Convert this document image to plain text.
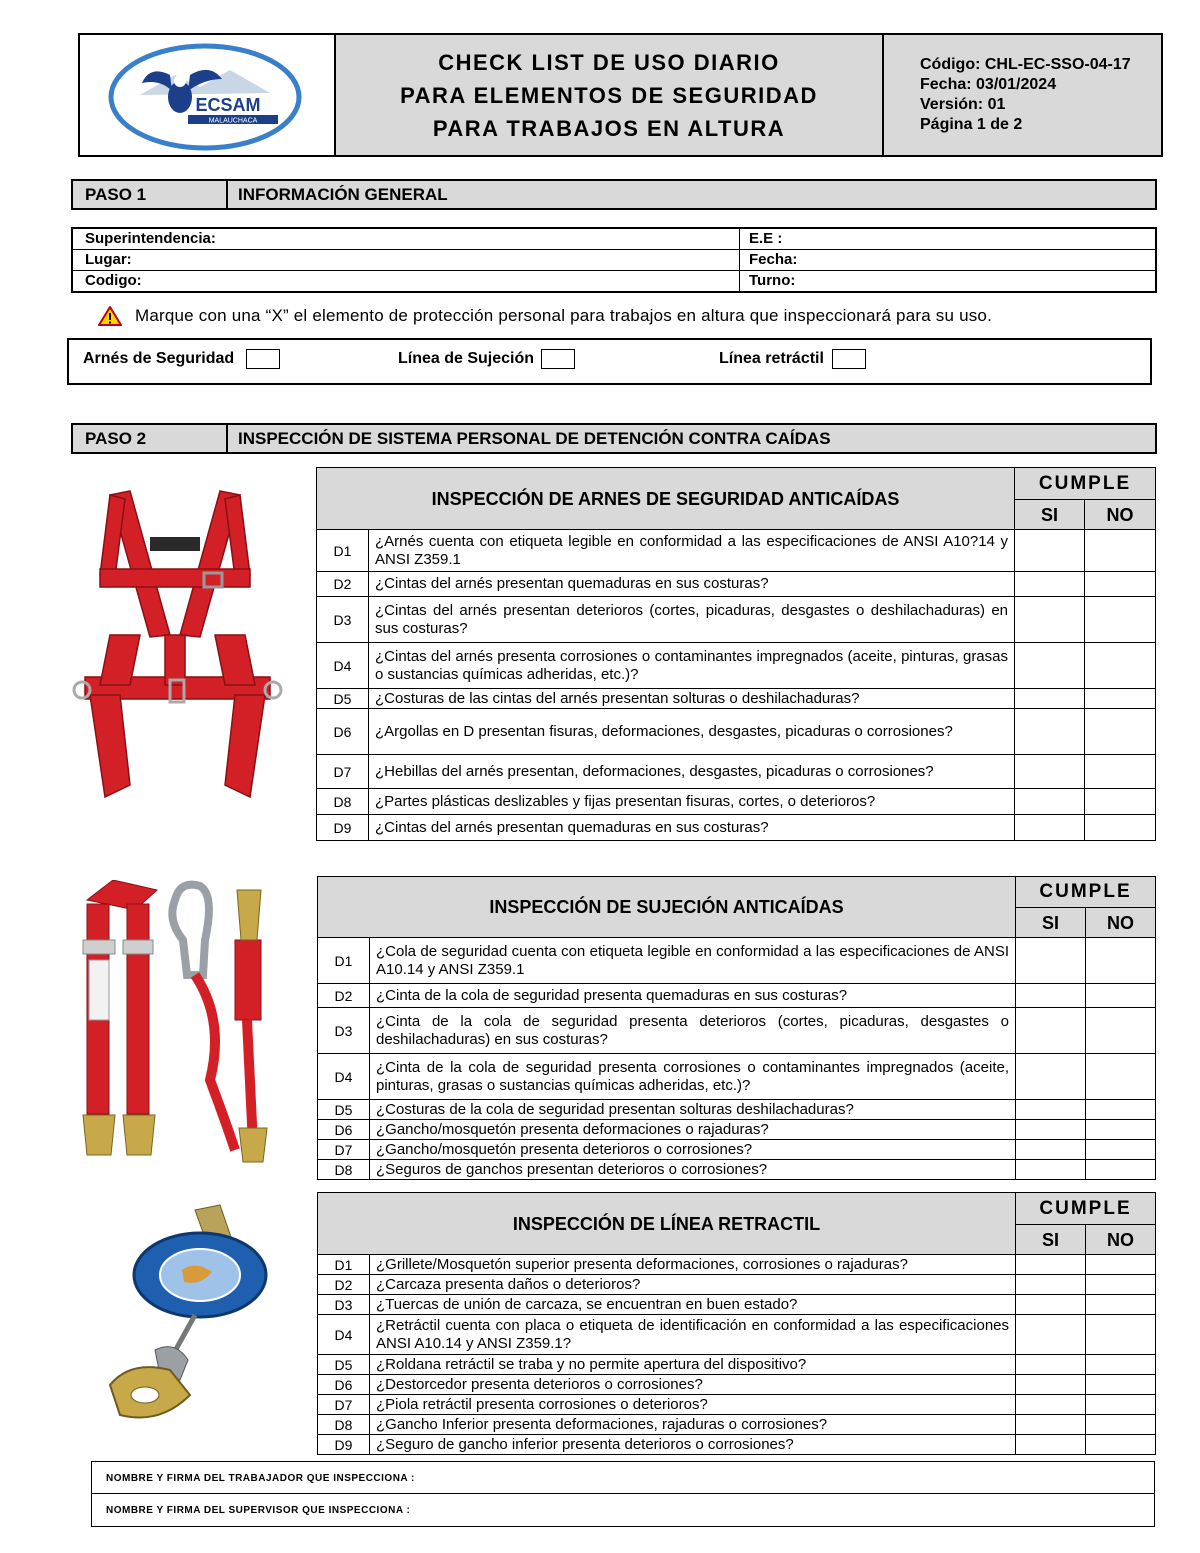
ECSAM
MALAUCHACA
CHECK LIST DE USO DIARIO
PARA ELEMENTOS DE SEGURIDAD
PARA TRABAJOS EN ALTURA
Código: CHL-EC-SSO-04-17
Fecha: 03/01/2024
Versión: 01
Página 1 de 2
PASO 1	INFORMACIÓN GENERAL
Superintendencia:	E.E :
Lugar:	Fecha:
Codigo:	Turno:
Marque con una “X” el elemento de protección personal para trabajos en altura que inspeccionará para su uso.
Arnés de Seguridad	Línea de Sujeción	Línea retráctil
PASO 2	INSPECCIÓN DE SISTEMA PERSONAL DE DETENCIÓN CONTRA CAÍDAS
INSPECCIÓN DE ARNES DE SEGURIDAD ANTICAÍDAS		CUMPLE	
		SI	NO
D1	¿Arnés cuenta con etiqueta legible en conformidad a las especificaciones de ANSI A10?14 y ANSI Z359.1		
D2	¿Cintas del arnés presentan quemaduras en sus costuras?		
D3	¿Cintas del arnés presentan deterioros (cortes, picaduras, desgastes o deshilachaduras) en sus costuras?		
D4	¿Cintas del arnés presenta corrosiones o contaminantes impregnados (aceite, pinturas, grasas o sustancias químicas adheridas, etc.)?		
D5	¿Costuras de las cintas del arnés presentan solturas o deshilachaduras?		
D6	¿Argollas en D presentan fisuras, deformaciones, desgastes, picaduras o corrosiones?		
D7	¿Hebillas del arnés presentan, deformaciones, desgastes, picaduras o corrosiones?		
D8	¿Partes plásticas deslizables y fijas presentan fisuras, cortes, o deterioros?		
D9	¿Cintas del arnés presentan quemaduras en sus costuras?		
INSPECCIÓN DE SUJECIÓN ANTICAÍDAS		CUMPLE	
		SI	NO
D1	¿Cola de seguridad cuenta con etiqueta legible en conformidad a las especificaciones de ANSI A10.14 y ANSI Z359.1		
D2	¿Cinta de la cola de seguridad presenta quemaduras en sus costuras?		
D3	¿Cinta de la cola de seguridad presenta deterioros (cortes, picaduras, desgastes o deshilachaduras) en sus costuras?		
D4	¿Cinta de la cola de seguridad presenta corrosiones o contaminantes impregnados (aceite, pinturas, grasas o sustancias químicas adheridas, etc.)?		
D5	¿Costuras de la cola de seguridad presentan solturas deshilachaduras?		
D6	¿Gancho/mosquetón presenta deformaciones o rajaduras?		
D7	¿Gancho/mosquetón presenta deterioros o corrosiones?		
D8	¿Seguros de ganchos presentan deterioros o corrosiones?		
INSPECCIÓN DE LÍNEA RETRACTIL		CUMPLE	
		SI	NO
D1	¿Grillete/Mosquetón superior presenta deformaciones, corrosiones o rajaduras?		
D2	¿Carcaza presenta daños o deterioros?		
D3	¿Tuercas de unión de carcaza, se encuentran en buen estado?		
D4	¿Retráctil cuenta con placa o etiqueta de identificación en conformidad a las especificaciones ANSI A10.14 y ANSI Z359.1?		
D5	¿Roldana retráctil se traba y no permite apertura del dispositivo?		
D6	¿Destorcedor presenta deterioros o corrosiones?		
D7	¿Piola retráctil presenta corrosiones o deterioros?		
D8	¿Gancho Inferior presenta deformaciones, rajaduras o corrosiones?		
D9	¿Seguro de gancho inferior presenta deterioros o corrosiones?		
NOMBRE Y FIRMA DEL TRABAJADOR QUE INSPECCIONA :
NOMBRE Y FIRMA DEL SUPERVISOR QUE INSPECCIONA :
